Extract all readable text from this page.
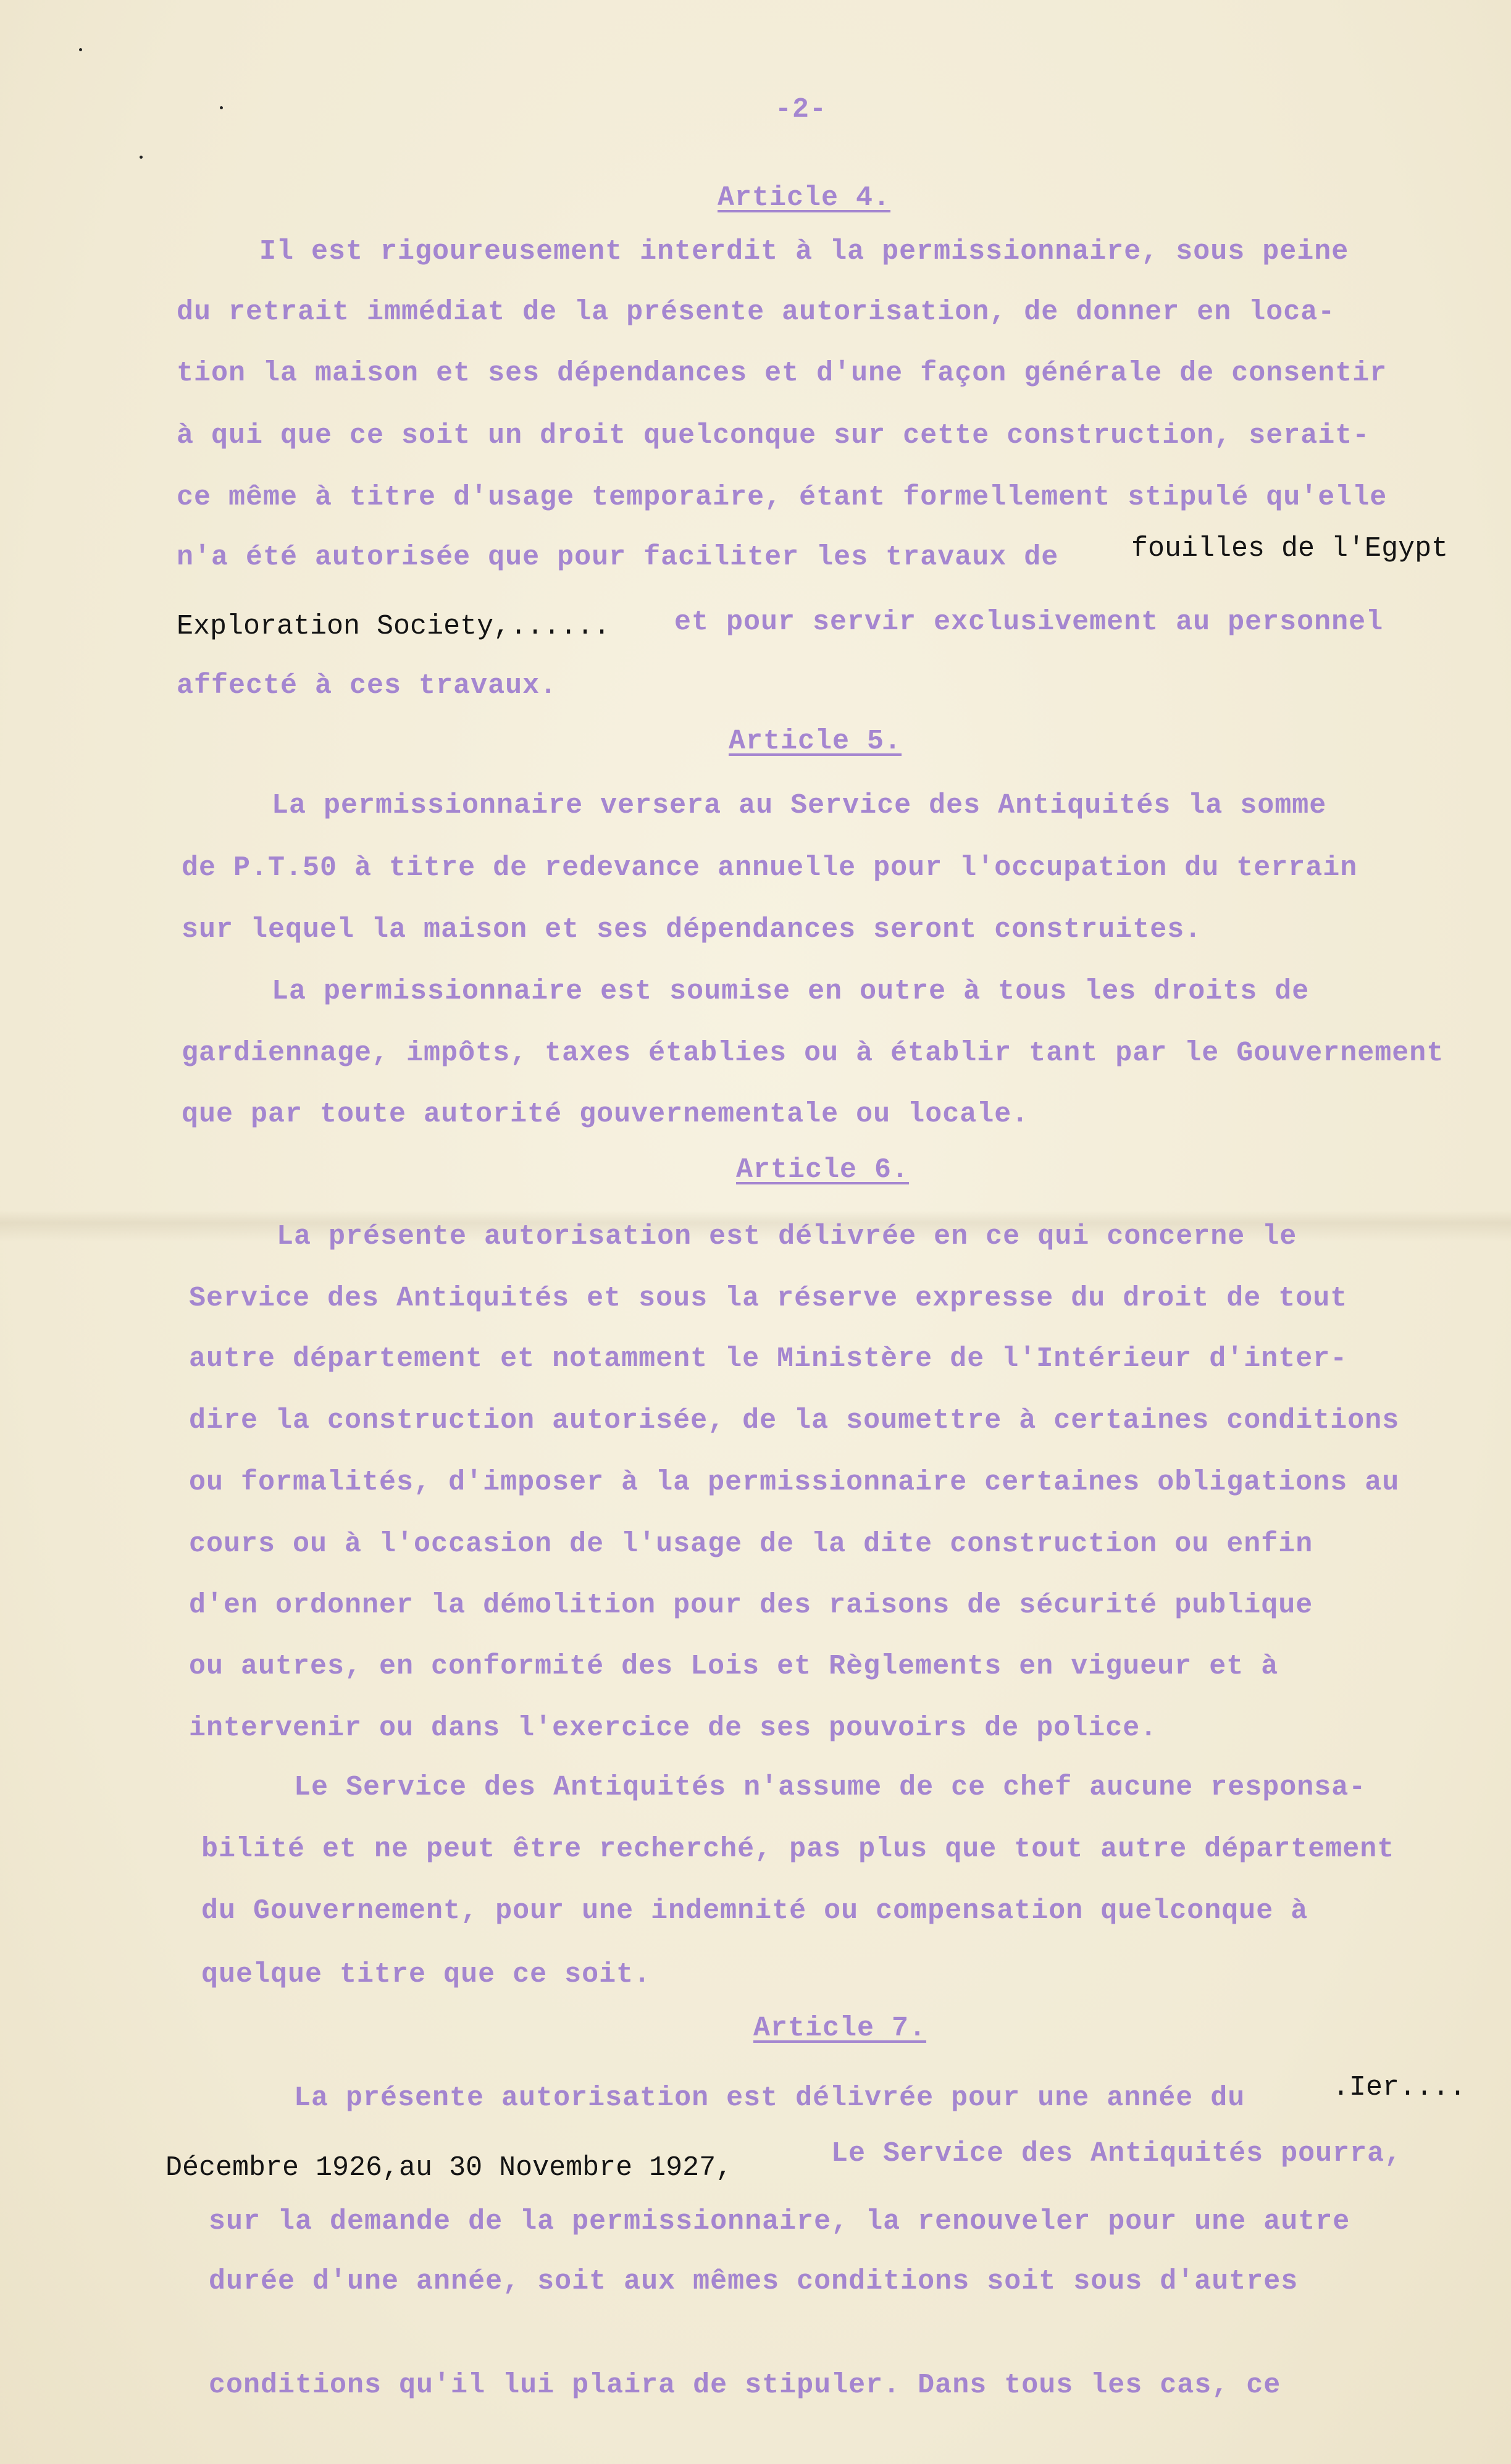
-2-
Article 4.
Il est rigoureusement interdit à la permissionnaire, sous peine
du retrait immédiat de la présente autorisation, de donner en loca-
tion la maison et ses dépendances et d'une façon générale de consentir
à qui que ce soit un droit quelconque sur cette construction, serait-
ce même à titre d'usage temporaire, étant formellement stipulé qu'elle
n'a été autorisée que pour faciliter les travaux de	fouilles de l'Egypt
Exploration Society,...... et pour servir exclusivement au personnel
affecté à ces travaux.
Article 5.
La permissionnaire versera au Service des Antiquités la somme
de P.T.50 à titre de redevance annuelle pour l'occupation du terrain
sur lequel la maison et ses dépendances seront construites.
La permissionnaire est soumise en outre à tous les droits de
gardiennage, impôts, taxes établies ou à établir tant par le Gouvernement
que par toute autorité gouvernementale ou locale.
Article 6.
La présente autorisation est délivrée en ce qui concerne le
Service des Antiquités et sous la réserve expresse du droit de tout
autre département et notamment le Ministère de l'Intérieur d'inter-
dire la construction autorisée, de la soumettre à certaines conditions
ou formalités, d'imposer à la permissionnaire certaines obligations au
cours ou à l'occasion de l'usage de la dite construction ou enfin
d'en ordonner la démolition pour des raisons de sécurité publique
ou autres, en conformité des Lois et Règlements en vigueur et à
intervenir ou dans l'exercice de ses pouvoirs de police.
Le Service des Antiquités n'assume de ce chef aucune responsa-
bilité et ne peut être recherché, pas plus que tout autre département
du Gouvernement, pour une indemnité ou compensation quelconque à
quelque titre que ce soit.
Article 7.
La présente autorisation est délivrée pour une année du	.Ier....
Décembre 1926,au 30 Novembre 1927,	Le Service des Antiquités pourra,
sur la demande de la permissionnaire, la renouveler pour une autre
durée d'une année, soit aux mêmes conditions soit sous d'autres
conditions qu'il lui plaira de stipuler. Dans tous les cas, ce
